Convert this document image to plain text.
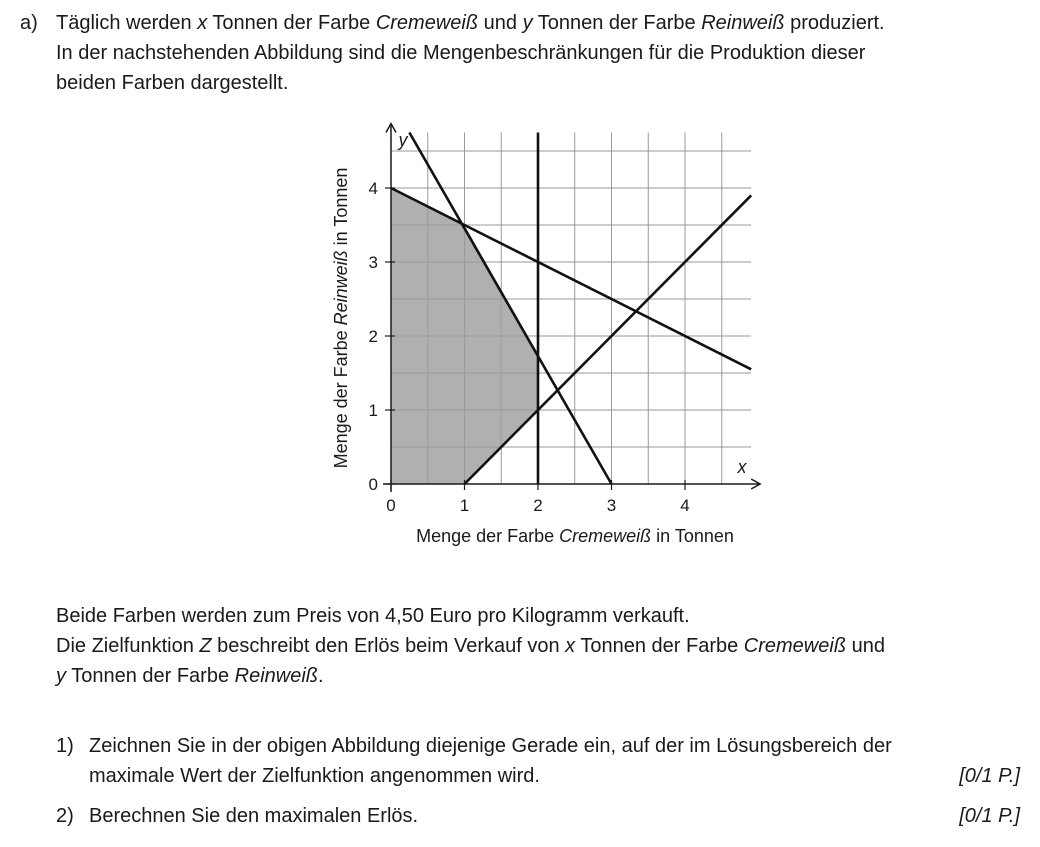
a) Täglich werden x Tonnen der Farbe Cremeweiß und y Tonnen der Farbe Reinweiß produziert.
In der nachstehenden Abbildung sind die Mengenbeschränkungen für die Produktion dieser
beiden Farben dargestellt.
0	1	2	3	4
0
1
2
3
4
x
y
Menge der Farbe Cremeweiß in Tonnen
Menge der Farbe Reinweiß in Tonnen
Beide Farben werden zum Preis von 4,50 Euro pro Kilogramm verkauft.
Die Zielfunktion Z beschreibt den Erlös beim Verkauf von x Tonnen der Farbe Cremeweiß und
y Tonnen der Farbe Reinweiß.
1) Zeichnen Sie in der obigen Abbildung diejenige Gerade ein, auf der im Lösungsbereich der
maximale Wert der Zielfunktion angenommen wird.	[0/1 P.]
2) Berechnen Sie den maximalen Erlös.	[0/1 P.]
